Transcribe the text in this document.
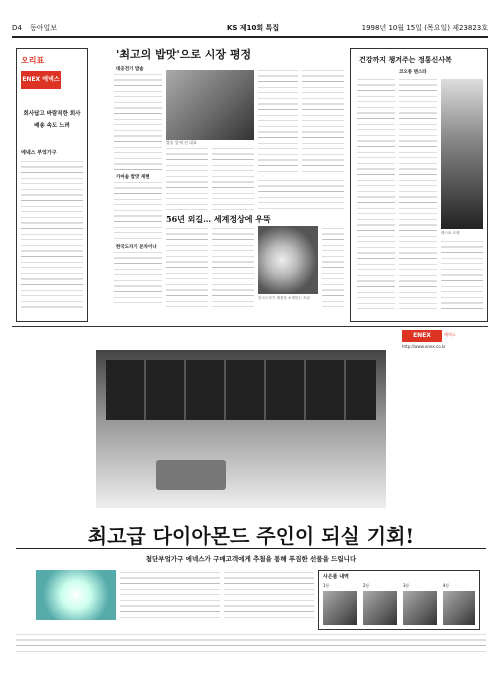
D4 동아일보	KS 제10회 특집	1998년 10월 15일 (목요일) 제23823호
오리표
ENEX 에넥스
회사답고 바람직한 회사
배송 속도 느려
에넥스 부엌가구
'최고의 밥맛'으로 시장 평정
대웅전기 밥솥
가마솥 밥맛 재현
한국도자기 본차이나
밥솥 앞에 선 대표
56년 외길… 세계정상에 우뚝
한국도자기 제품을 소개하는 모습
건강까지 챙겨주는 정통신사복
코오롱 맨스타
맨스타 모델
ENEX	에넥스
http://www.enex.co.kr
최고급 다이아몬드 주인이 되실 기회!
첨단부엌가구 에넥스가 구매고객에게 추첨을 통해 푸짐한 선물을 드립니다
사은품 내역
1등	2등	3등	4등
